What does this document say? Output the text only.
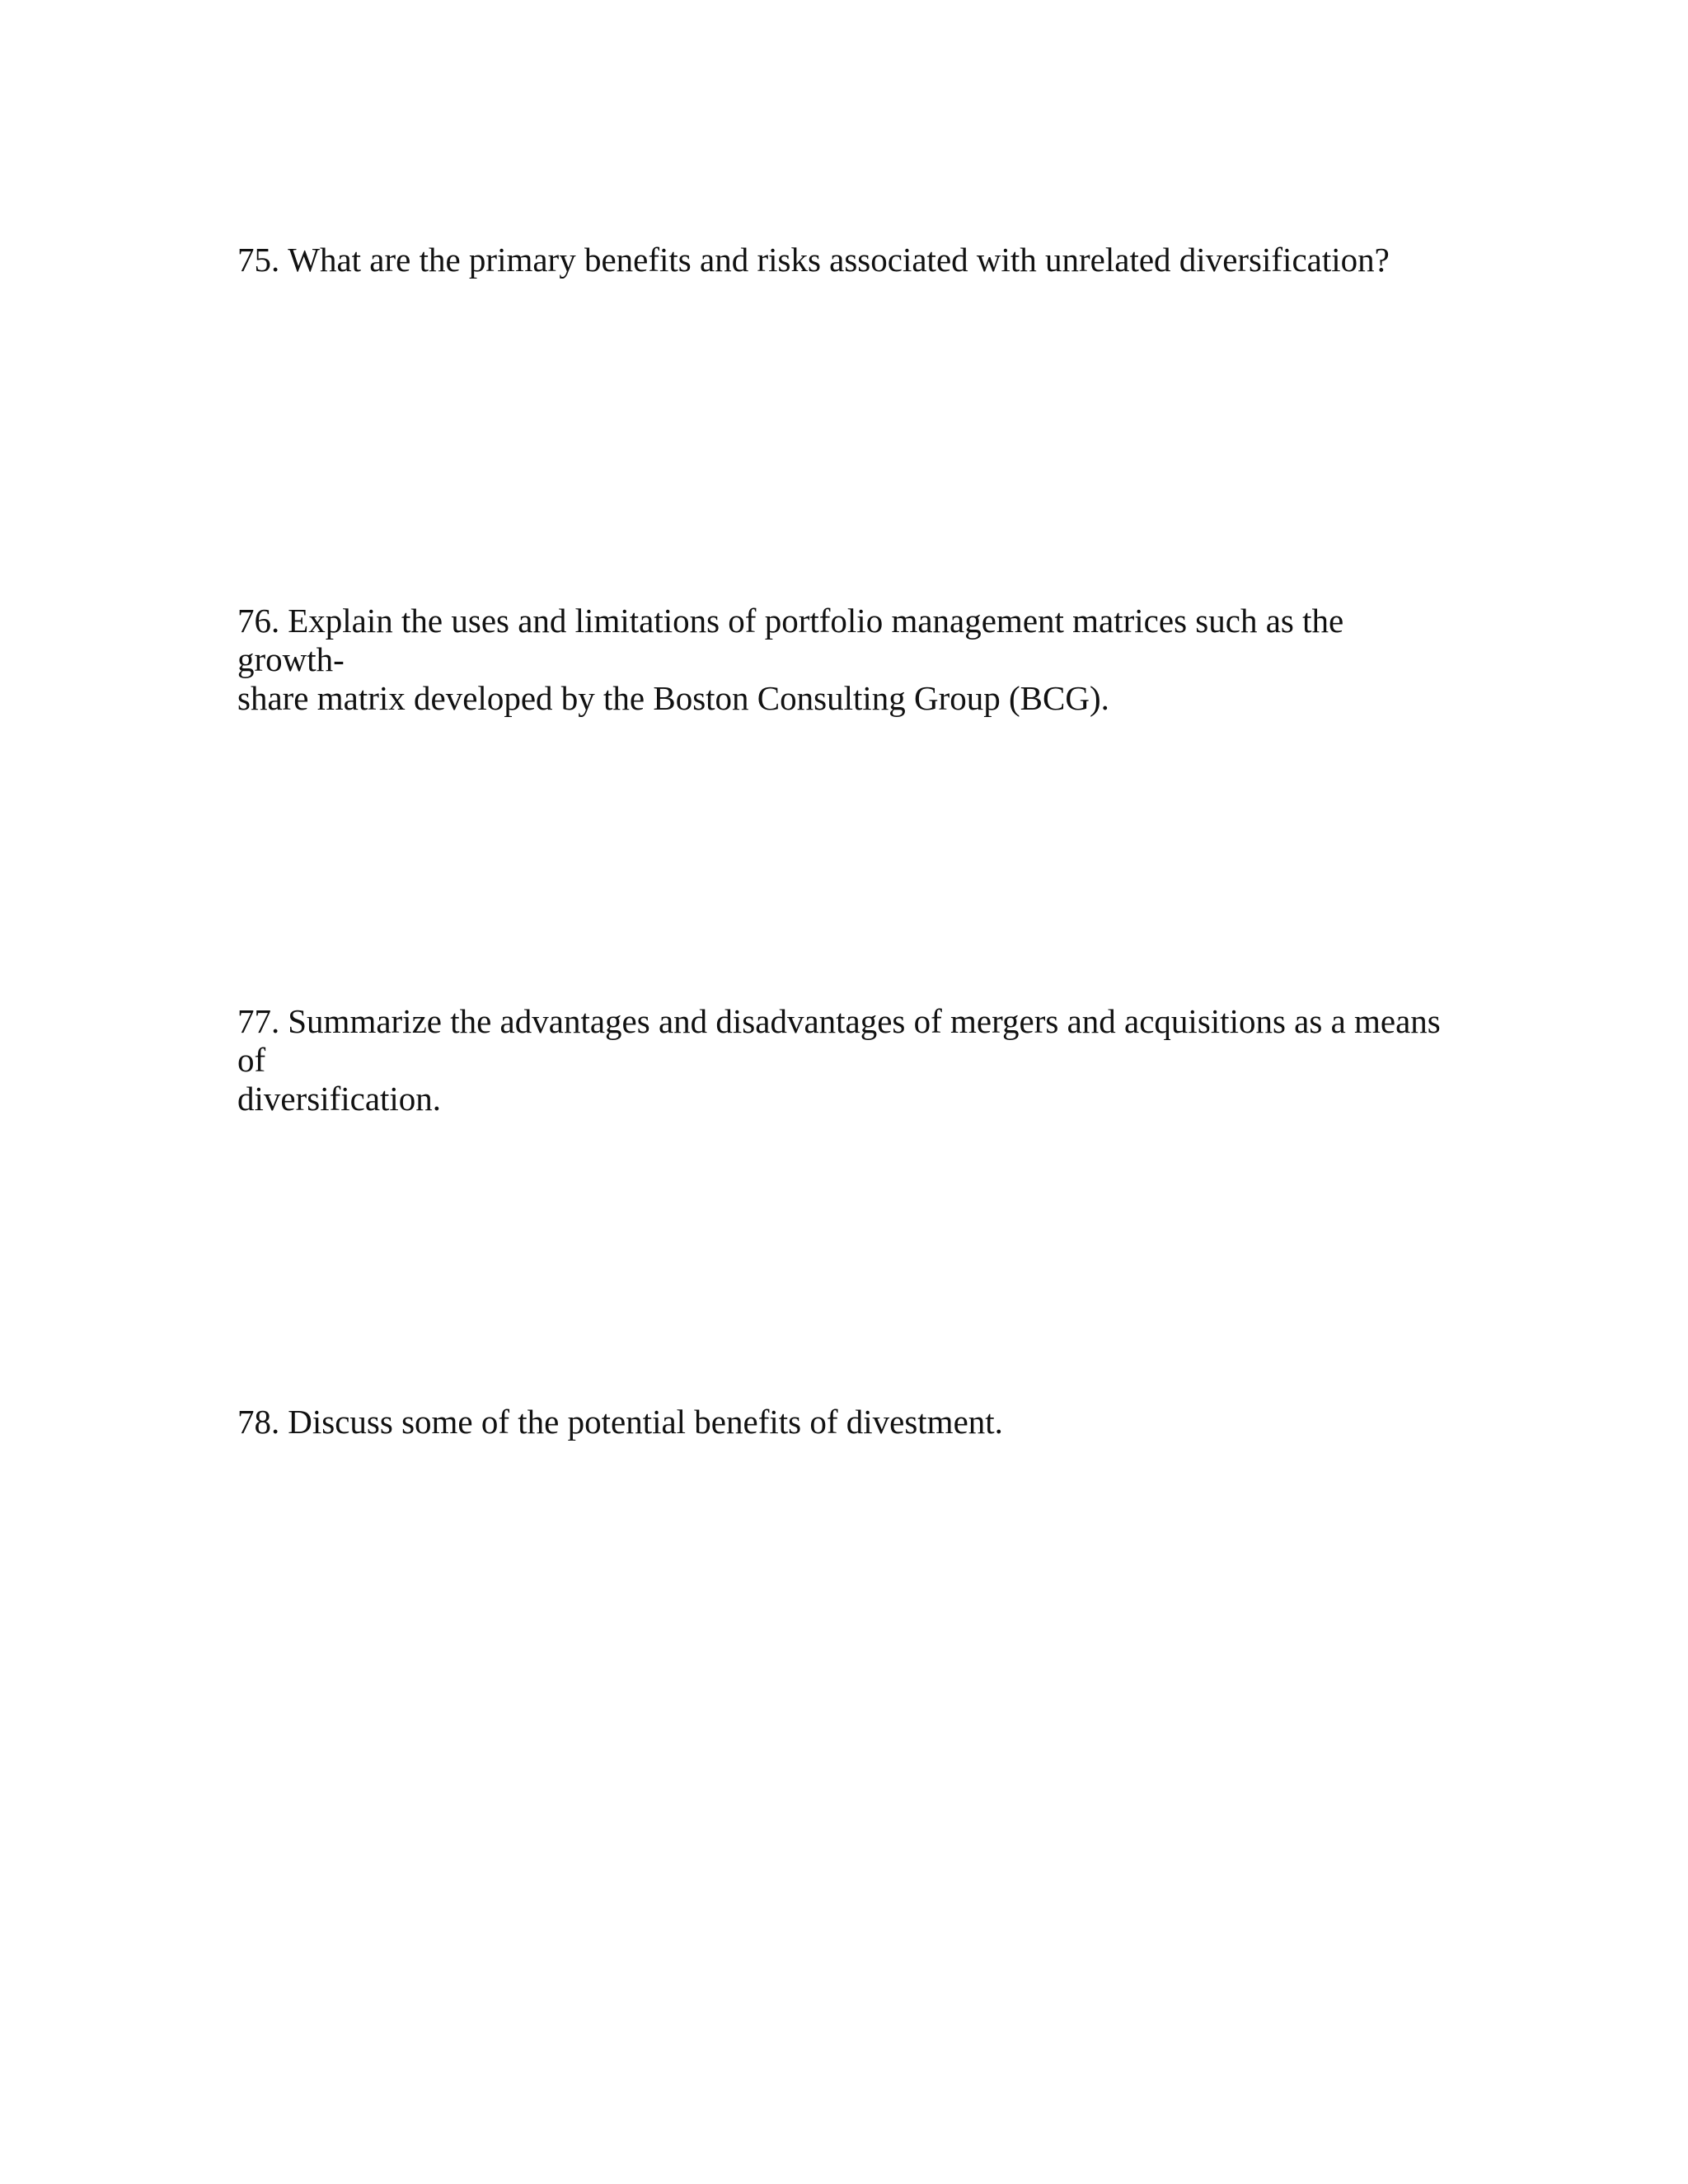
75. What are the primary benefits and risks associated with unrelated diversification?

76. Explain the uses and limitations of portfolio management matrices such as the growth-
share matrix developed by the Boston Consulting Group (BCG).

77. Summarize the advantages and disadvantages of mergers and acquisitions as a means of
diversification.

78. Discuss some of the potential benefits of divestment.
